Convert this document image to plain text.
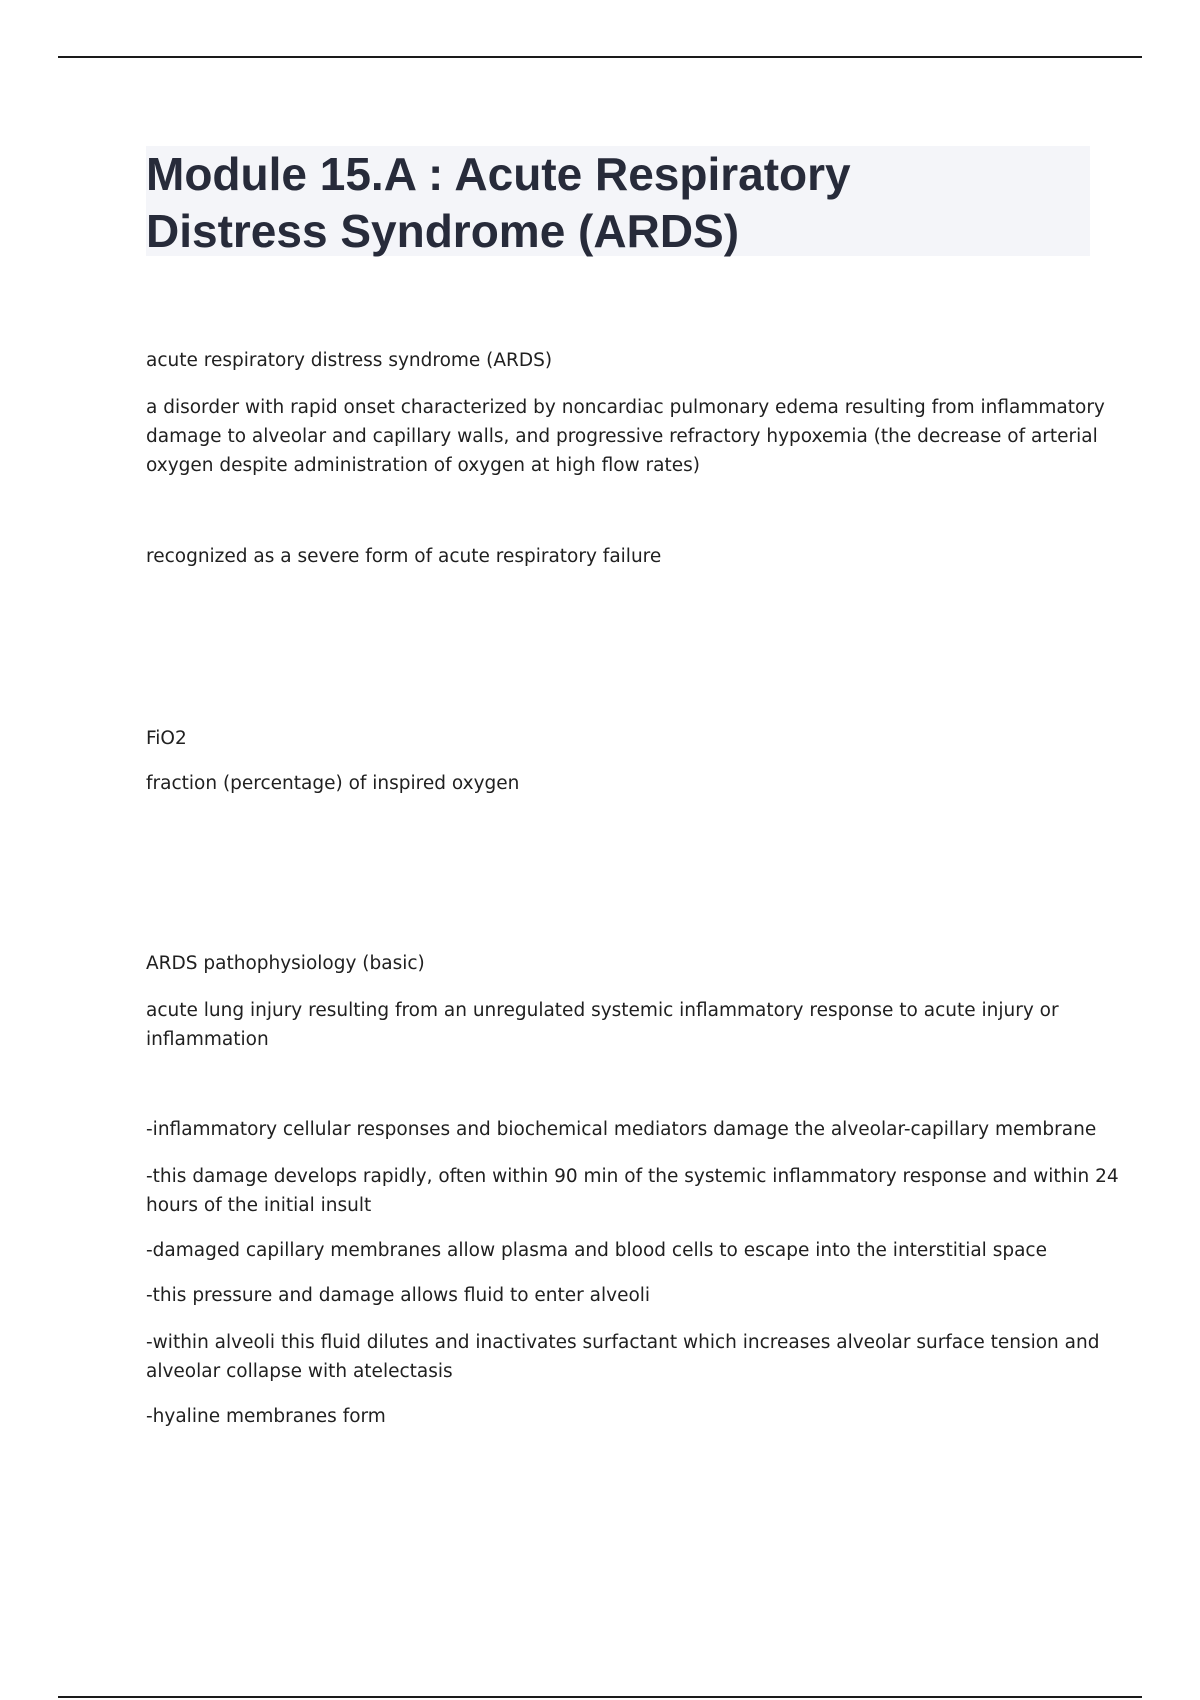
Module 15.A : Acute Respiratory
Distress Syndrome (ARDS)

acute respiratory distress syndrome (ARDS)

a disorder with rapid onset characterized by noncardiac pulmonary edema resulting from inflammatory

damage to alveolar and capillary walls, and progressive refractory hypoxemia (the decrease of arterial

oxygen despite administration of oxygen at high flow rates)

recognized as a severe form of acute respiratory failure

FiO2

fraction (percentage) of inspired oxygen

ARDS pathophysiology (basic)

acute lung injury resulting from an unregulated systemic inflammatory response to acute injury or

inflammation

-inflammatory cellular responses and biochemical mediators damage the alveolar-capillary membrane

-this damage develops rapidly, often within 90 min of the systemic inflammatory response and within 24

hours of the initial insult

-damaged capillary membranes allow plasma and blood cells to escape into the interstitial space

-this pressure and damage allows fluid to enter alveoli

-within alveoli this fluid dilutes and inactivates surfactant which increases alveolar surface tension and

alveolar collapse with atelectasis

-hyaline membranes form
